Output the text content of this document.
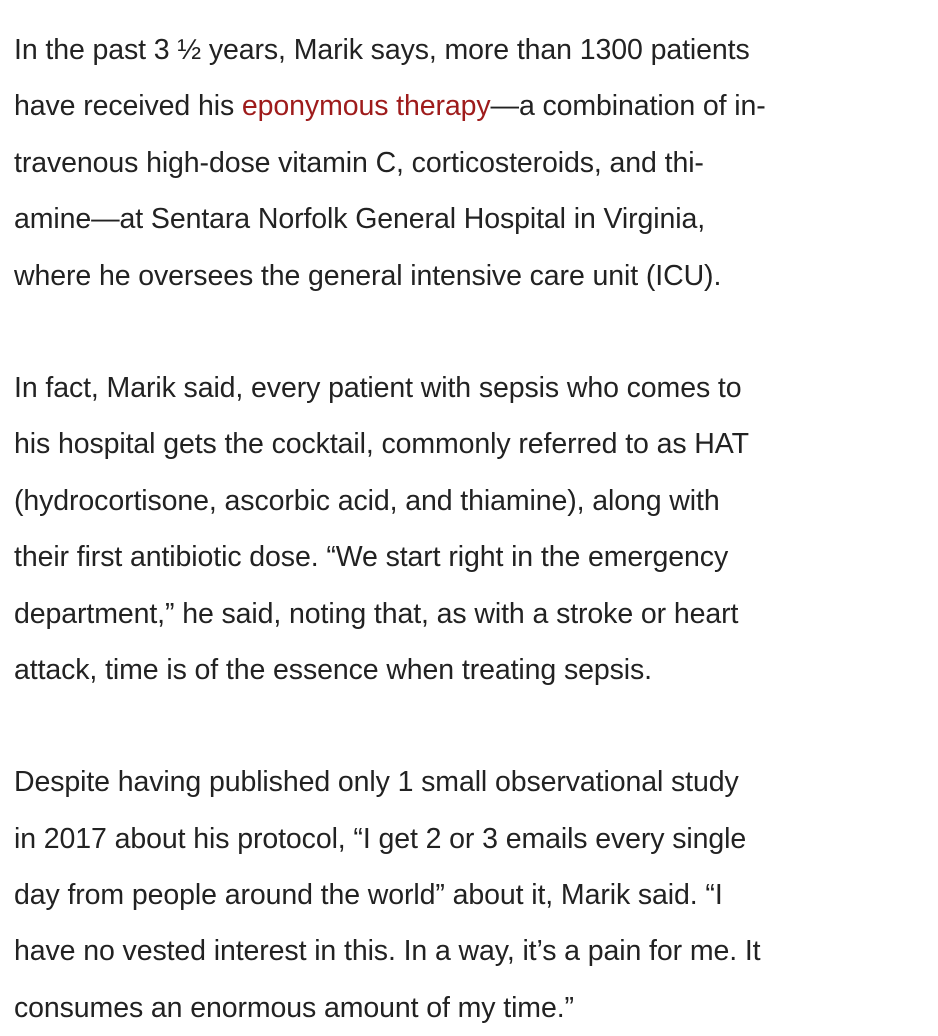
In the past 3 ½ years, Marik says, more than 1300 patients
have received his eponymous therapy—a combination of in-
travenous high-dose vitamin C, corticosteroids, and thi-
amine—at Sentara Norfolk General Hospital in Virginia,
where he oversees the general intensive care unit (ICU).

In fact, Marik said, every patient with sepsis who comes to
his hospital gets the cocktail, commonly referred to as HAT
(hydrocortisone, ascorbic acid, and thiamine), along with
their first antibiotic dose. “We start right in the emergency
department,” he said, noting that, as with a stroke or heart
attack, time is of the essence when treating sepsis.

Despite having published only 1 small observational study
in 2017 about his protocol, “I get 2 or 3 emails every single
day from people around the world” about it, Marik said. “I
have no vested interest in this. In a way, it’s a pain for me. It
consumes an enormous amount of my time.”
